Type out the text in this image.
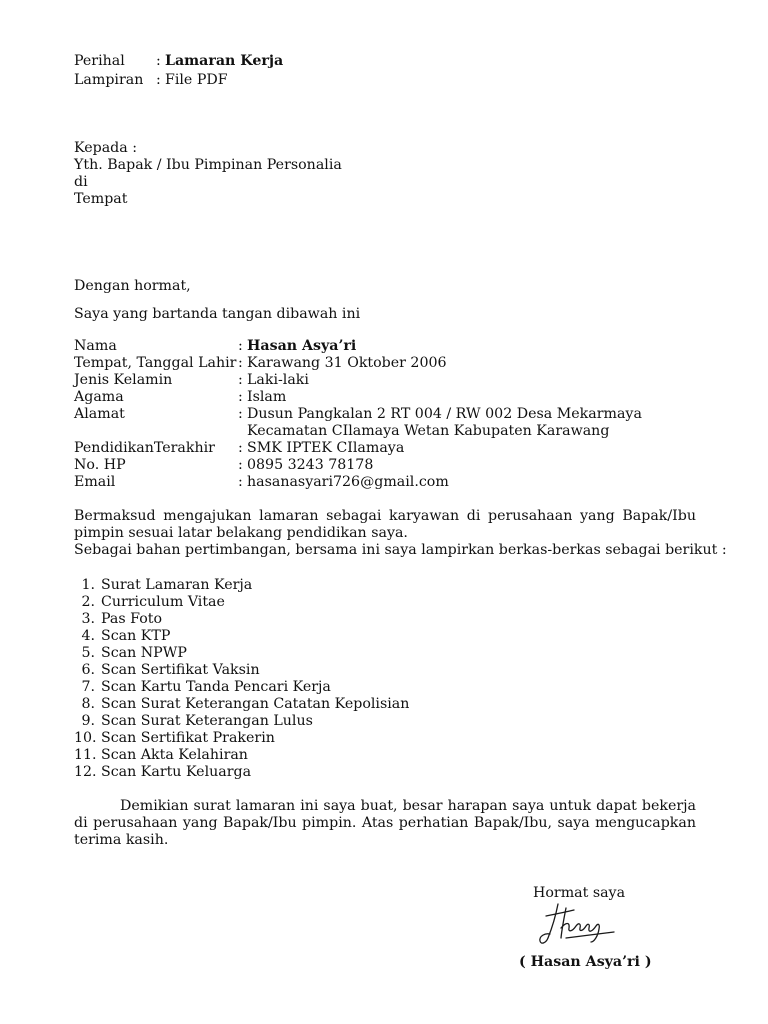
Perihal : Lamaran Kerja
Lampiran : File PDF
Kepada :
Yth. Bapak / Ibu Pimpinan Personalia
di
Tempat
Dengan hormat,
Saya yang bartanda tangan dibawah ini
Nama	: Hasan Asya’ri
Tempat, Tanggal Lahir : Karawang 31 Oktober 2006
Jenis Kelamin	: Laki-laki
Agama	: Islam
Alamat	: Dusun Pangkalan 2 RT 004 / RW 002 Desa Mekarmaya
Kecamatan CIlamaya Wetan Kabupaten Karawang
PendidikanTerakhir : SMK IPTEK CIlamaya
No. HP	: 0895 3243 78178
Email	: hasanasyari726@gmail.com
Bermaksud mengajukan lamaran sebagai karyawan di perusahaan yang Bapak/Ibu pimpin sesuai latar belakang pendidikan saya.
Sebagai bahan pertimbangan, bersama ini saya lampirkan berkas-berkas sebagai berikut :
1. Surat Lamaran Kerja
2. Curriculum Vitae
3. Pas Foto
4. Scan KTP
5. Scan NPWP
6. Scan Sertifikat Vaksin
7. Scan Kartu Tanda Pencari Kerja
8. Scan Surat Keterangan Catatan Kepolisian
9. Scan Surat Keterangan Lulus
10. Scan Sertifikat Prakerin
11. Scan Akta Kelahiran
12. Scan Kartu Keluarga
Demikian surat lamaran ini saya buat, besar harapan saya untuk dapat bekerja di perusahaan yang Bapak/Ibu pimpin. Atas perhatian Bapak/Ibu, saya mengucapkan terima kasih.
Hormat saya
( Hasan Asya’ri )
